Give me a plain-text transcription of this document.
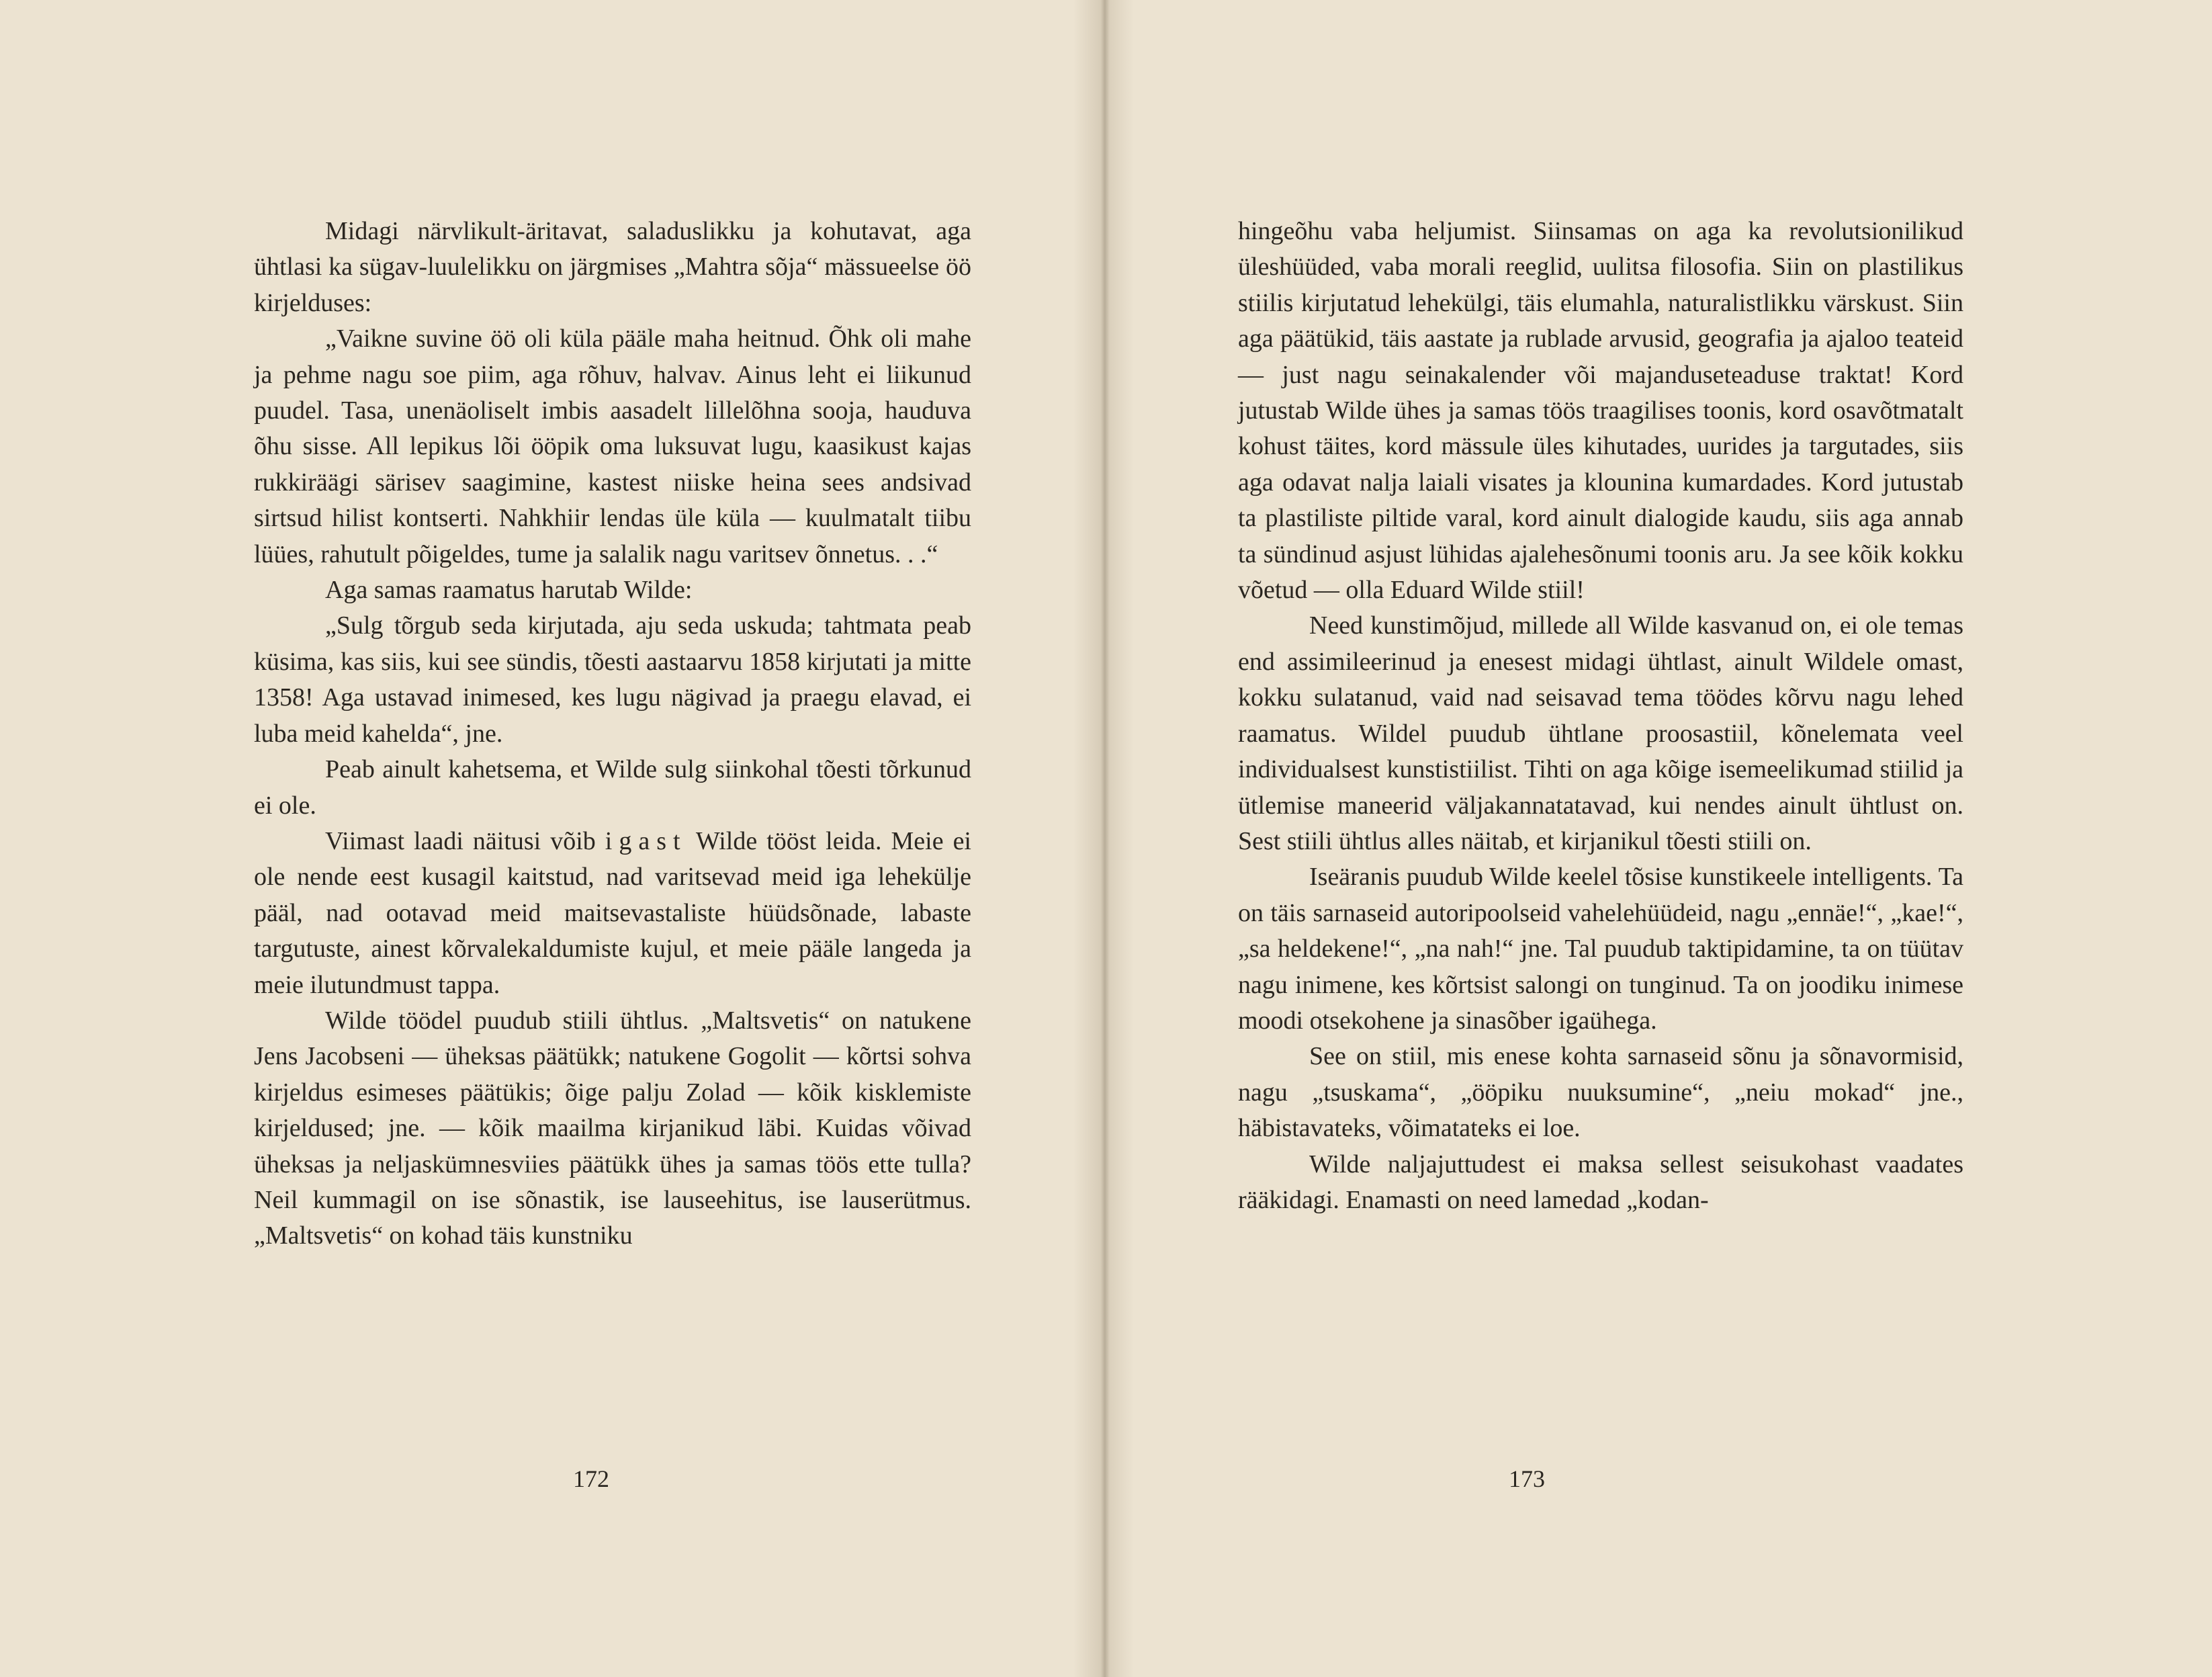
Midagi närvlikult-äritavat, saladuslikku ja kohutavat, aga ühtlasi ka sügav-luulelikku on järgmises „Mahtra sõja“ mässueelse öö kirjelduses:

„Vaikne suvine öö oli küla pääle maha heitnud. Õhk oli mahe ja pehme nagu soe piim, aga rõhuv, halvav. Ainus leht ei liikunud puudel. Tasa, unenäoliselt imbis aasadelt lillelõhna sooja, hauduva õhu sisse. All lepikus lõi ööpik oma luksuvat lugu, kaasikust kajas rukkiräägi särisev saagimine, kastest niiske heina sees andsivad sirtsud hilist kontserti. Nahkhiir lendas üle küla — kuulmatalt tiibu lüües, rahutult põigeldes, tume ja salalik nagu varitsev õnnetus. . .“

Aga samas raamatus harutab Wilde:

„Sulg tõrgub seda kirjutada, aju seda uskuda; tahtmata peab küsima, kas siis, kui see sündis, tõesti aastaarvu 1858 kirjutati ja mitte 1358! Aga ustavad inimesed, kes lugu nägivad ja praegu elavad, ei luba meid kahelda“, jne.

Peab ainult kahetsema, et Wilde sulg siinkohal tõesti tõrkunud ei ole.

Viimast laadi näitusi võib igast Wilde tööst leida. Meie ei ole nende eest kusagil kaitstud, nad varitsevad meid iga lehekülje pääl, nad ootavad meid maitsevastaliste hüüdsõnade, labaste targutuste, ainest kõrvalekaldumiste kujul, et meie pääle langeda ja meie ilutundmust tappa.

Wilde töödel puudub stiili ühtlus. „Maltsvetis“ on natukene Jens Jacobseni — üheksas päätükk; natukene Gogolit — kõrtsi sohva kirjeldus esimeses päätükis; õige palju Zolad — kõik kisklemiste kirjeldused; jne. — kõik maailma kirjanikud läbi. Kuidas võivad üheksas ja neljaskümnesviies päätükk ühes ja samas töös ette tulla? Neil kummagil on ise sõnastik, ise lauseehitus, ise lauserütmus. „Maltsvetis“ on kohad täis kunstniku

172

hingeõhu vaba heljumist. Siinsamas on aga ka revolutsionilikud üleshüüded, vaba morali reeglid, uulitsa filosofia. Siin on plastilikus stiilis kirjutatud lehekülgi, täis elumahla, naturalistlikku värskust. Siin aga päätükid, täis aastate ja rublade arvusid, geografia ja ajaloo teateid — just nagu seinakalender või majanduseteaduse traktat! Kord jutustab Wilde ühes ja samas töös traagilises toonis, kord osavõtmatalt kohust täites, kord mässule üles kihutades, uurides ja targutades, siis aga odavat nalja laiali visates ja klounina kumardades. Kord jutustab ta plastiliste piltide varal, kord ainult dialogide kaudu, siis aga annab ta sündinud asjust lühidas ajalehesõnumi toonis aru. Ja see kõik kokku võetud — olla Eduard Wilde stiil!

Need kunstimõjud, millede all Wilde kasvanud on, ei ole temas end assimileerinud ja enesest midagi ühtlast, ainult Wildele omast, kokku sulatanud, vaid nad seisavad tema töödes kõrvu nagu lehed raamatus. Wildel puudub ühtlane proosastiil, kõnelemata veel individualsest kunstistiilist. Tihti on aga kõige isemeelikumad stiilid ja ütlemise maneerid väljakannatatavad, kui nendes ainult ühtlust on. Sest stiili ühtlus alles näitab, et kirjanikul tõesti stiili on.

Iseäranis puudub Wilde keelel tõsise kunstikeele intelligents. Ta on täis sarnaseid autoripoolseid vahelehüüdeid, nagu „ennäe!“, „kae!“, „sa heldekene!“, „na nah!“ jne. Tal puudub taktipidamine, ta on tüütav nagu inimene, kes kõrtsist salongi on tunginud. Ta on joodiku inimese moodi otsekohene ja sinasõber igaühega.

See on stiil, mis enese kohta sarnaseid sõnu ja sõnavormisid, nagu „tsuskama“, „ööpiku nuuksumine“, „neiu mokad“ jne., häbistavateks, võimatateks ei loe.

Wilde naljajuttudest ei maksa sellest seisukohast vaadates rääkidagi. Enamasti on need lamedad „kodan-

173
